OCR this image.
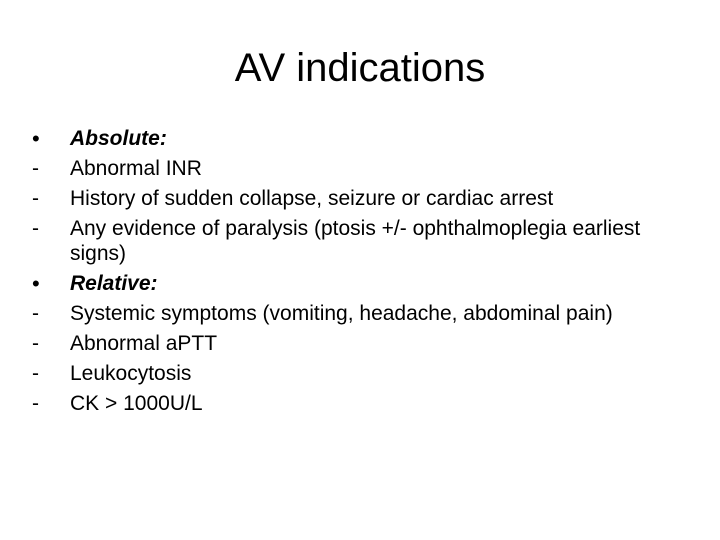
AV indications
•	Absolute:
-	Abnormal INR
-	History of sudden collapse, seizure or cardiac arrest
-	Any evidence of paralysis (ptosis +/- ophthalmoplegia earliest signs)
•	Relative:
-	Systemic symptoms (vomiting, headache, abdominal pain)
-	Abnormal aPTT
-	Leukocytosis
-	CK > 1000U/L
